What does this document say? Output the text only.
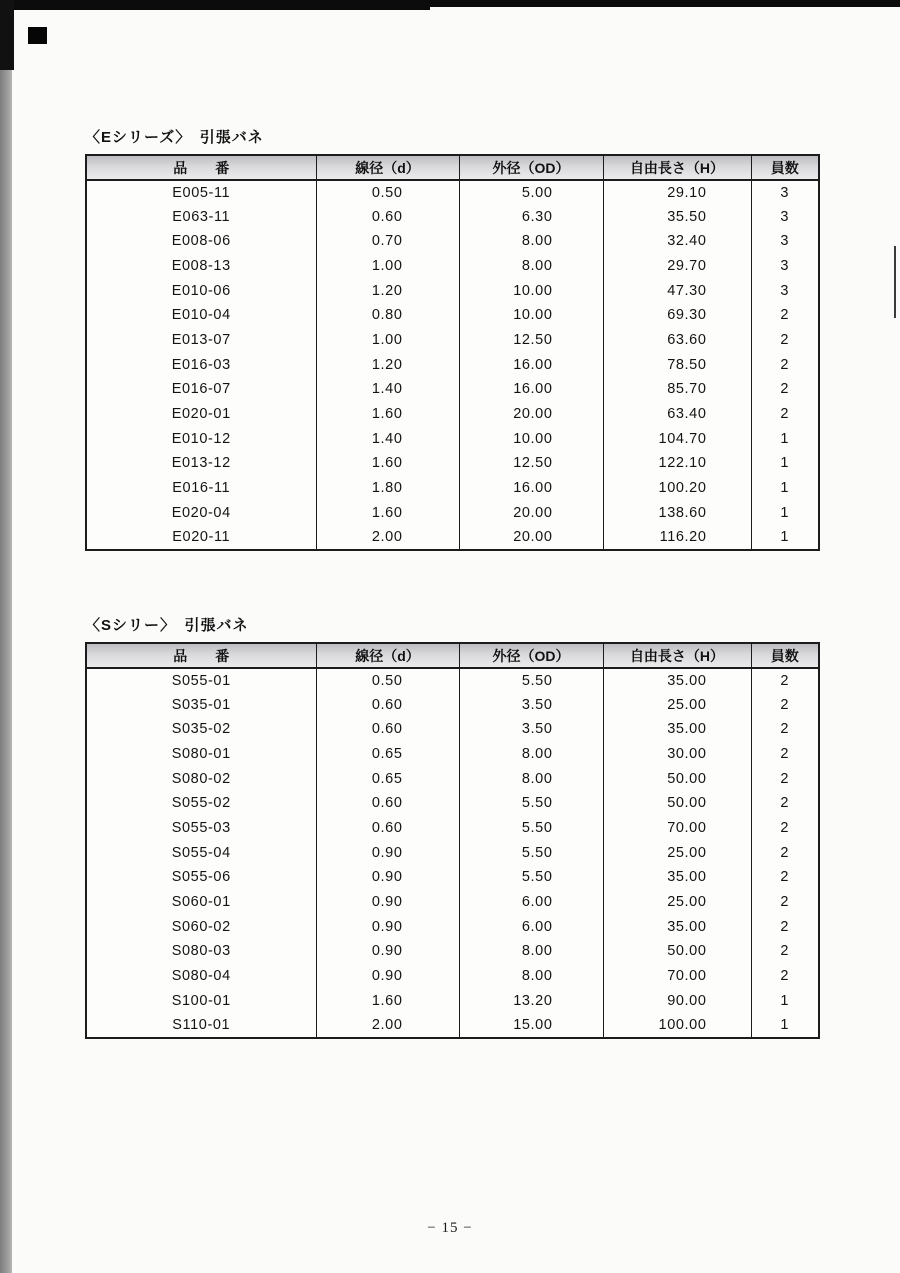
〈Eシリーズ〉　引張バネ
品　　番	線径（d）	外径（OD）	自由長さ（H）	員数
E005-11	0.50	5.00	29.10	3
E063-11	0.60	6.30	35.50	3
E008-06	0.70	8.00	32.40	3
E008-13	1.00	8.00	29.70	3
E010-06	1.20	10.00	47.30	3
E010-04	0.80	10.00	69.30	2
E013-07	1.00	12.50	63.60	2
E016-03	1.20	16.00	78.50	2
E016-07	1.40	16.00	85.70	2
E020-01	1.60	20.00	63.40	2
E010-12	1.40	10.00	104.70	1
E013-12	1.60	12.50	122.10	1
E016-11	1.80	16.00	100.20	1
E020-04	1.60	20.00	138.60	1
E020-11	2.00	20.00	116.20	1
〈Sシリー〉　引張バネ
品　　番	線径（d）	外径（OD）	自由長さ（H）	員数
S055-01	0.50	5.50	35.00	2
S035-01	0.60	3.50	25.00	2
S035-02	0.60	3.50	35.00	2
S080-01	0.65	8.00	30.00	2
S080-02	0.65	8.00	50.00	2
S055-02	0.60	5.50	50.00	2
S055-03	0.60	5.50	70.00	2
S055-04	0.90	5.50	25.00	2
S055-06	0.90	5.50	35.00	2
S060-01	0.90	6.00	25.00	2
S060-02	0.90	6.00	35.00	2
S080-03	0.90	8.00	50.00	2
S080-04	0.90	8.00	70.00	2
S100-01	1.60	13.20	90.00	1
S110-01	2.00	15.00	100.00	1
− 15 −
